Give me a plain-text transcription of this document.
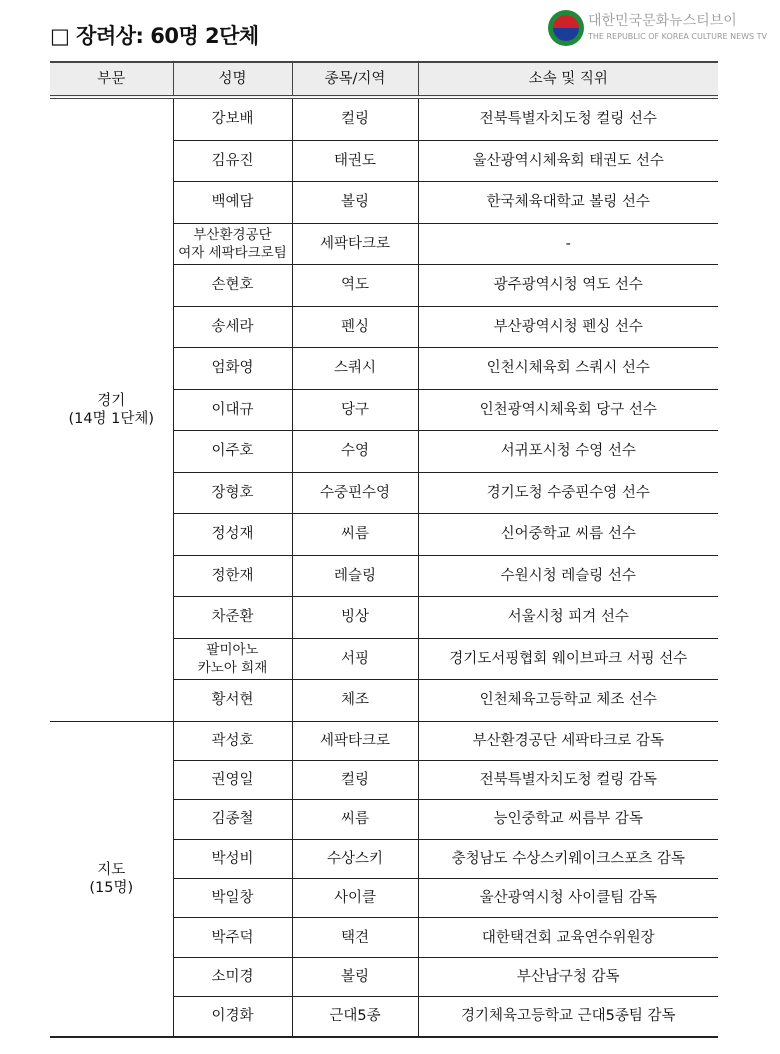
□ 장려상: 60명 2단체
부문	성명	종목/지역	소속 및 직위
경기
(14명 1단체)	강보배	컬링	전북특별자치도청 컬링 선수
	김유진	태권도	울산광역시체육회 태권도 선수
	백예담	볼링	한국체육대학교 볼링 선수
	부산환경공단
여자 세팍타크로팀	세팍타크로	-
	손현호	역도	광주광역시청 역도 선수
	송세라	펜싱	부산광역시청 펜싱 선수
	엄화영	스쿼시	인천시체육회 스쿼시 선수
	이대규	당구	인천광역시체육회 당구 선수
	이주호	수영	서귀포시청 수영 선수
	장형호	수중핀수영	경기도청 수중핀수영 선수
	정성재	씨름	신어중학교 씨름 선수
	정한재	레슬링	수원시청 레슬링 선수
	차준환	빙상	서울시청 피겨 선수
	팔미아노
카노아 희재	서핑	경기도서핑협회 웨이브파크 서핑 선수
	황서현	체조	인천체육고등학교 체조 선수
지도
(15명)	곽성호	세팍타크로	부산환경공단 세팍타크로 감독
	권영일	컬링	전북특별자치도청 컬링 감독
	김종철	씨름	능인중학교 씨름부 감독
	박성비	수상스키	충청남도 수상스키웨이크스포츠 감독
	박일창	사이클	울산광역시청 사이클팀 감독
	박주덕	택견	대한택견회 교육연수위원장
	소미경	볼링	부산남구청 감독
	이경화	근대5종	경기체육고등학교 근대5종팀 감독
대한민국문화뉴스티브이
THE REPUBLIC OF KOREA CULTURE NEWS TV
